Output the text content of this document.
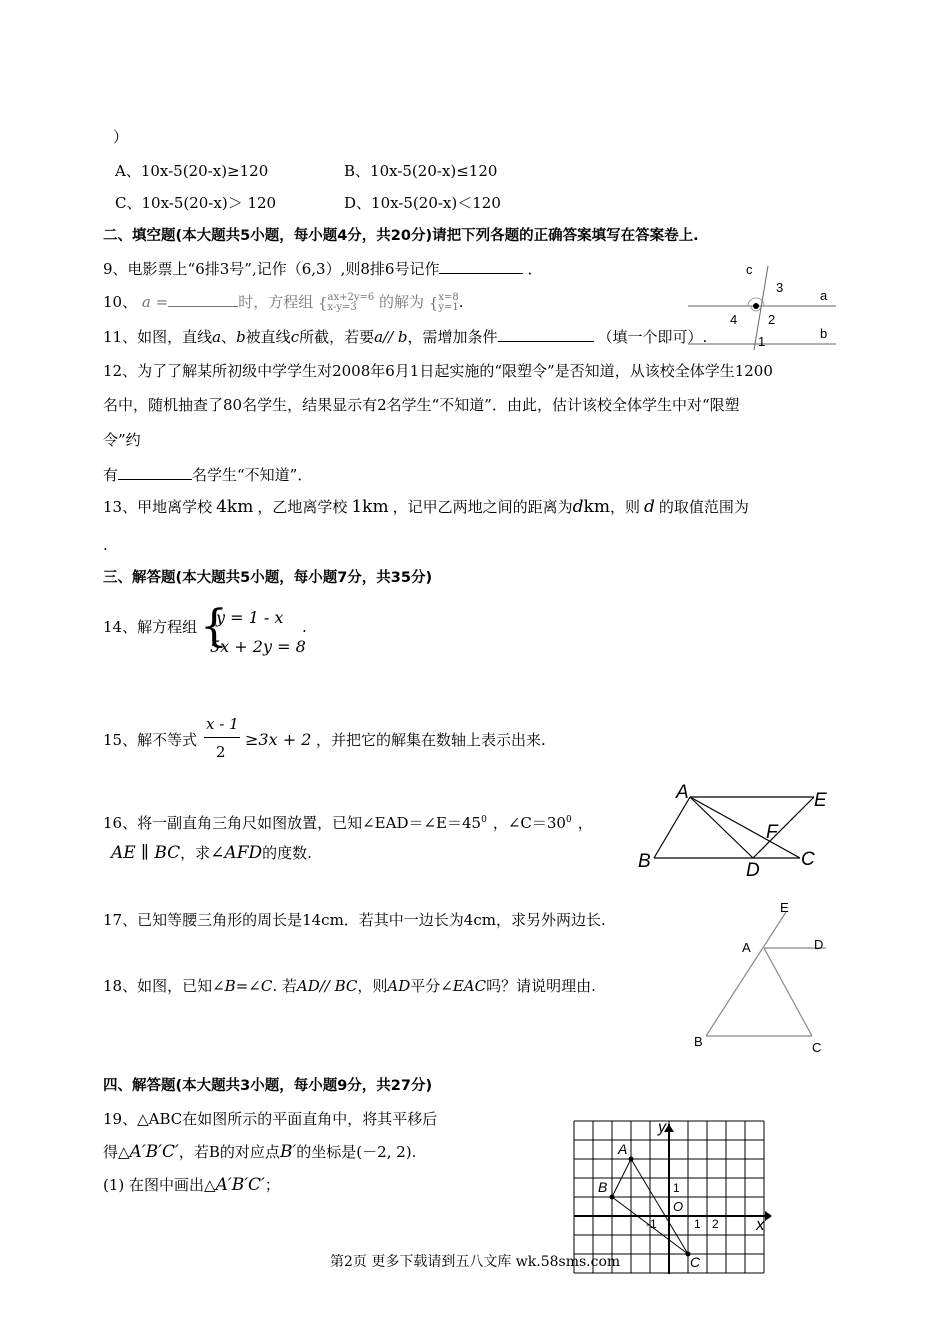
）
A、10x-5(20-x)≥120	B、10x-5(20-x)≤120
C、10x-5(20-x)＞ 120	D、10x-5(20-x)＜120
二、填空题(本大题共5小题，每小题4分，共20分)请把下列各题的正确答案填写在答案卷上.
9、电影票上“6排3号”,记作（6,3）,则8排6号记作	．
10、 a =	时，方程组 {ax+2y=6
x-y=3 的解为 {x=8
y=1.
11、如图，直线a、b被直线c所截，若要a// b，需增加条件	（填一个即可）.
c
a
b
3
2
4
1
12、为了了解某所初级中学学生对2008年6月1日起实施的“限塑令”是否知道，从该校全体学生1200
名中，随机抽查了80名学生，结果显示有2名学生“不知道”．由此，估计该校全体学生中对“限塑
令”约
有	名学生“不知道”．
13、甲地离学校 4km ，乙地离学校 1km ，记甲乙两地之间的距离为dkm，则 d 的取值范围为
.
三、解答题(本大题共5小题，每小题7分，共35分)
14、解方程组 {
y = 1 - x
5x + 2y = 8
.
15、解不等式
x - 1
2
≥3x + 2 ，并把它的解集在数轴上表示出来.
16、将一副直角三角尺如图放置，已知$\angle EAD=\angle E=45^0$ ，$\angle C=30^0$ ，
AE ∥ BC，求∠AFD的度数.
A	E
F
B	D
C
17、已知等腰三角形的周长是14cm．若其中一边长为4cm，求另外两边长.
18、如图，已知∠B=∠C. 若AD// BC，则AD平分∠EAC吗？请说明理由.
E
A	D
B	C
四、解答题(本大题共3小题，每小题9分，共27分)
19、△ABC在如图所示的平面直角中，将其平移后
得△A′B′C′，若B的对应点B′的坐标是(－2, 2).
(1) 在图中画出△A′B′C′；
y
x
A
B
C
O
1
-1	1 2
第2页 更多下载请到五八文库 wk.58sms.com
